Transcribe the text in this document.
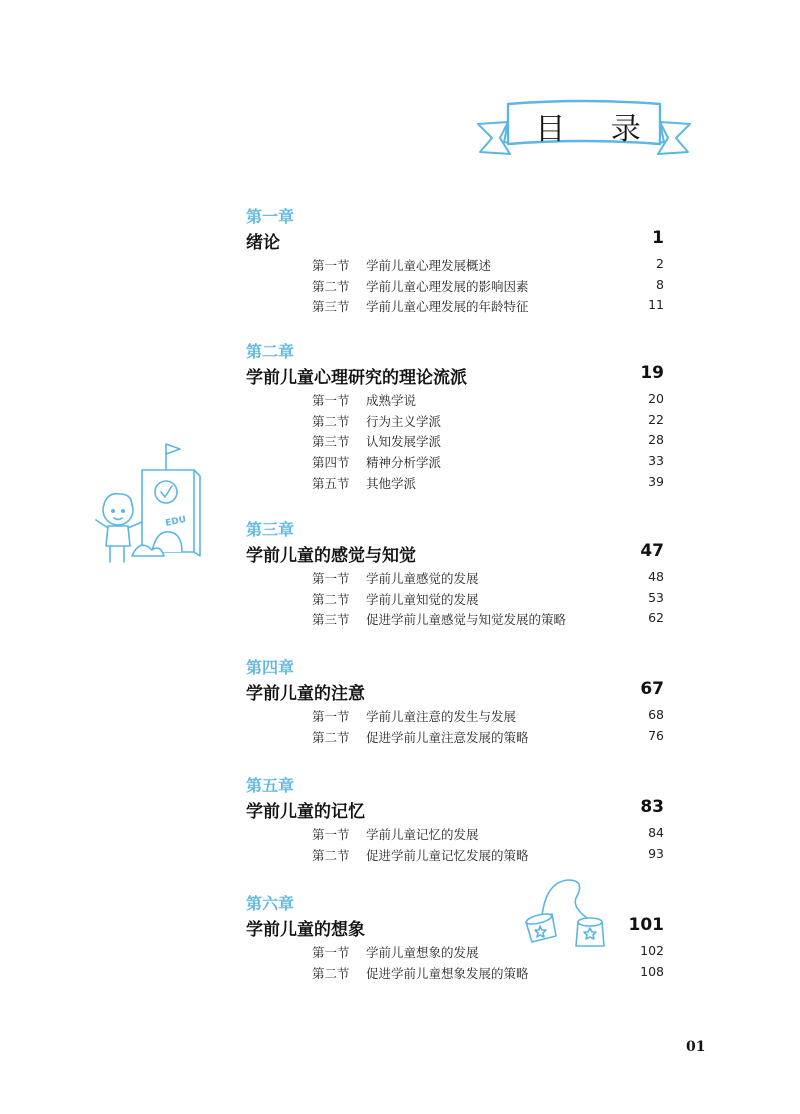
目 录
EDU
第一章
绪论	1
第一节 学前儿童心理发展概述	2
第二节 学前儿童心理发展的影响因素	8
第三节 学前儿童心理发展的年龄特征	11
第二章
学前儿童心理研究的理论流派	19
第一节 成熟学说	20
第二节 行为主义学派	22
第三节 认知发展学派	28
第四节 精神分析学派	33
第五节 其他学派	39
第三章
学前儿童的感觉与知觉	47
第一节 学前儿童感觉的发展	48
第二节 学前儿童知觉的发展	53
第三节 促进学前儿童感觉与知觉发展的策略	62
第四章
学前儿童的注意	67
第一节 学前儿童注意的发生与发展	68
第二节 促进学前儿童注意发展的策略	76
第五章
学前儿童的记忆	83
第一节 学前儿童记忆的发展	84
第二节 促进学前儿童记忆发展的策略	93
第六章
学前儿童的想象	101
第一节 学前儿童想象的发展	102
第二节 促进学前儿童想象发展的策略	108
01
